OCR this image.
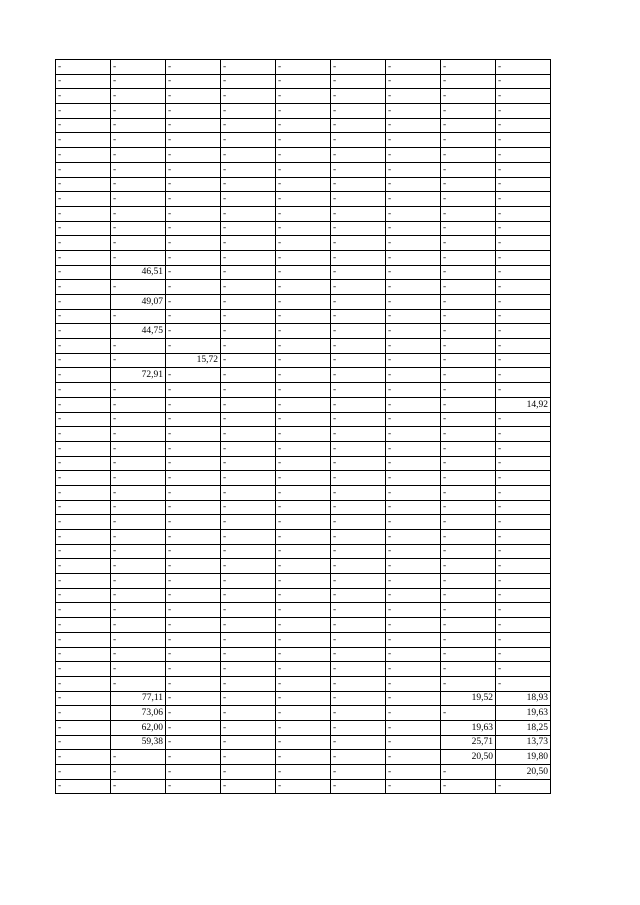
-	-	-	-	-	-	-	-	-
-	-	-	-	-	-	-	-	-
-	-	-	-	-	-	-	-	-
-	-	-	-	-	-	-	-	-
-	-	-	-	-	-	-	-	-
-	-	-	-	-	-	-	-	-
-	-	-	-	-	-	-	-	-
-	-	-	-	-	-	-	-	-
-	-	-	-	-	-	-	-	-
-	-	-	-	-	-	-	-	-
-	-	-	-	-	-	-	-	-
-	-	-	-	-	-	-	-	-
-	-	-	-	-	-	-	-	-
-	-	-	-	-	-	-	-	-
-	46,51	-	-	-	-	-	-	-
-	-	-	-	-	-	-	-	-
-	49,07	-	-	-	-	-	-	-
-	-	-	-	-	-	-	-	-
-	44,75	-	-	-	-	-	-	-
-	-	-	-	-	-	-	-	-
-	-	15,72	-	-	-	-	-	-
-	72,91	-	-	-	-	-	-	-
-	-	-	-	-	-	-	-	-
-	-	-	-	-	-	-	-	14,92
-	-	-	-	-	-	-	-	-
-	-	-	-	-	-	-	-	-
-	-	-	-	-	-	-	-	-
-	-	-	-	-	-	-	-	-
-	-	-	-	-	-	-	-	-
-	-	-	-	-	-	-	-	-
-	-	-	-	-	-	-	-	-
-	-	-	-	-	-	-	-	-
-	-	-	-	-	-	-	-	-
-	-	-	-	-	-	-	-	-
-	-	-	-	-	-	-	-	-
-	-	-	-	-	-	-	-	-
-	-	-	-	-	-	-	-	-
-	-	-	-	-	-	-	-	-
-	-	-	-	-	-	-	-	-
-	-	-	-	-	-	-	-	-
-	-	-	-	-	-	-	-	-
-	-	-	-	-	-	-	-	-
-	-	-	-	-	-	-	-	-
-	77,11	-	-	-	-	-	19,52	18,93
-	73,06	-	-	-	-	-	-	19,63
-	62,00	-	-	-	-	-	19,63	18,25
-	59,38	-	-	-	-	-	25,71	13,73
-	-	-	-	-	-	-	20,50	19,80
-	-	-	-	-	-	-	-	20,50
-	-	-	-	-	-	-	-	-
